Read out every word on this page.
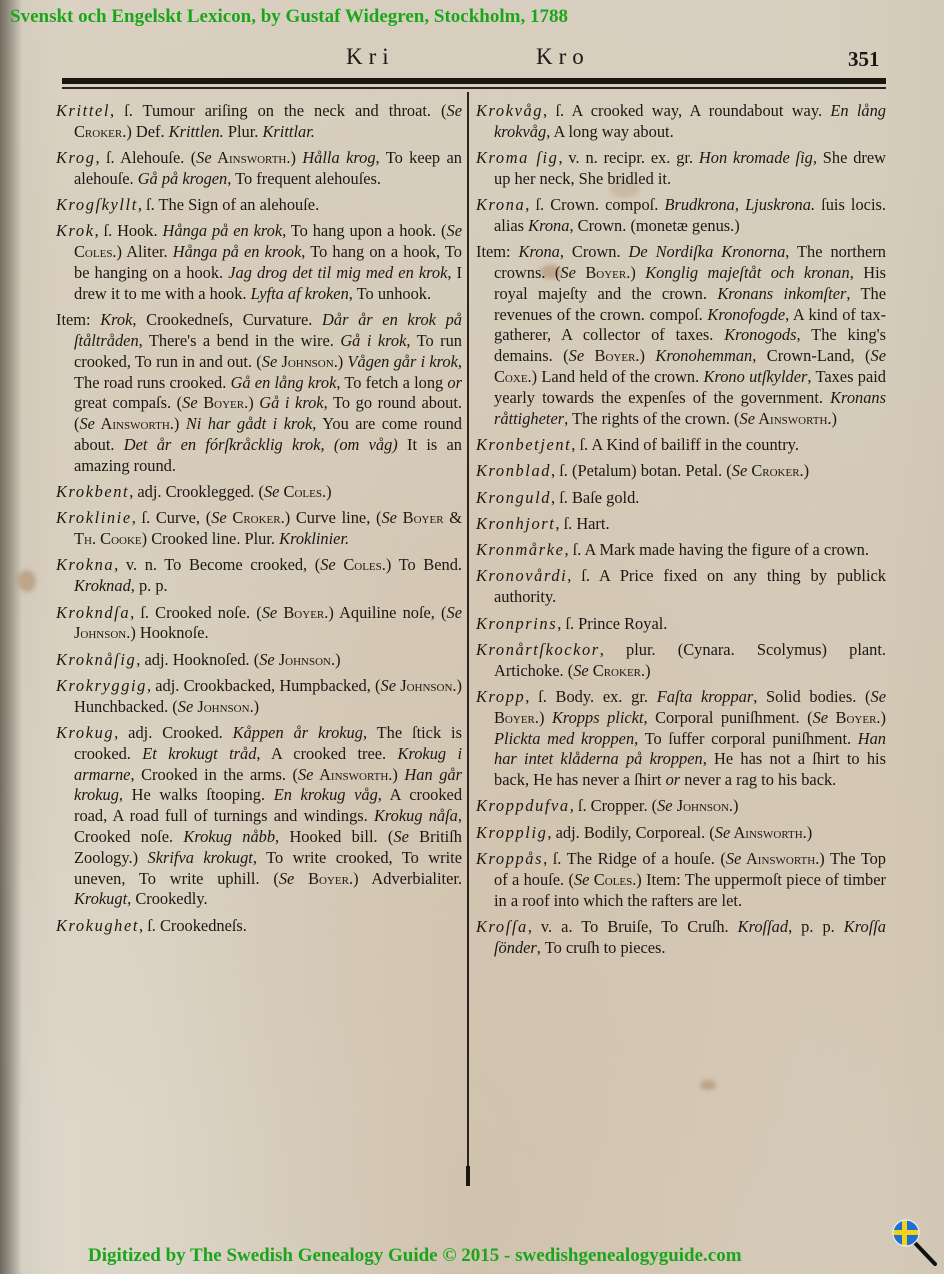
Svenskt och Engelskt Lexicon, by Gustaf Widegren, Stockholm, 1788
Kri	Kro	351
Krittel, ſ. Tumour ariſing on the neck and throat. (Se Croker.) Def. Krittlen. Plur. Krittlar.
Krog, ſ. Alehouſe. (Se Ainsworth.) Hålla krog, To keep an alehouſe. Gå på krogen, To frequent alehouſes.
Krogſkyllt, ſ. The Sign of an alehouſe.
Krok, ſ. Hook. Hånga på en krok, To hang upon a hook. (Se Coles.) Aliter. Hånga på en krook, To hang on a hook, To be hanging on a hook. Jag drog det til mig med en krok, I drew it to me with a hook. Lyfta af kroken, To unhook.
Item: Krok, Crookedneſs, Curvature. Dår år en krok på ſtåltråden, There's a bend in the wire. Gå i krok, To run crooked, To run in and out. (Se Johnson.) Vågen går i krok, The road runs crooked. Gå en lång krok, To fetch a long or great compaſs. (Se Boyer.) Gå i krok, To go round about. (Se Ainsworth.) Ni har gådt i krok, You are come round about. Det år en fórſkråcklig krok, (om våg) It is an amazing round.
Krokbent, adj. Crooklegged. (Se Coles.)
Kroklinie, ſ. Curve, (Se Croker.) Curve line, (Se Boyer & Th. Cooke) Crooked line. Plur. Kroklinier.
Krokna, v. n. To Become crooked, (Se Coles.) To Bend. Kroknad, p. p.
Krokndſa, ſ. Crooked noſe. (Se Boyer.) Aquiline noſe, (Se Johnson.) Hooknoſe.
Kroknåſig, adj. Hooknoſed. (Se Johnson.)
Krokryggig, adj. Crookbacked, Humpbacked, (Se Johnson.) Hunchbacked. (Se Johnson.)
Krokug, adj. Crooked. Kåppen år krokug, The ſtick is crooked. Et krokugt tråd, A crooked tree. Krokug i armarne, Crooked in the arms. (Se Ainsworth.) Han går krokug, He walks ſtooping. En krokug våg, A crooked road, A road full of turnings and windings. Krokug nåſa, Crooked noſe. Krokug nåbb, Hooked bill. (Se Britiſh Zoology.) Skrifva krokugt, To write crooked, To write uneven, To write uphill. (Se Boyer.) Adverbialiter. Krokugt, Crookedly.
Krokughet, ſ. Crookedneſs.
Krokvåg, ſ. A crooked way, A roundabout way. En lång krokvåg, A long way about.
Kroma ſig, v. n. recipr. ex. gr. Hon kromade ſig, She drew up her neck, She bridled it.
Krona, ſ. Crown. compoſ. Brudkrona, Ljuskrona. ſuis locis. alias Krona, Crown. (monetæ genus.)
Item: Krona, Crown. De Nordiſka Kronorna, The northern crowns. (Se Boyer.) Konglig majeſtåt och kronan, His royal majeſty and the crown. Kronans inkomſter, The revenues of the crown. compoſ. Kronofogde, A kind of tax-gatherer, A collector of taxes. Kronogods, The king's demains. (Se Boyer.) Kronohemman, Crown-Land, (Se Coxe.) Land held of the crown. Krono utſkylder, Taxes paid yearly towards the expenſes of the government. Kronans råttigheter, The rights of the crown. (Se Ainsworth.)
Kronbetjent, ſ. A Kind of bailiff in the country.
Kronblad, ſ. (Petalum) botan. Petal. (Se Croker.)
Kronguld, ſ. Baſe gold.
Kronhjort, ſ. Hart.
Kronmårke, ſ. A Mark made having the figure of a crown.
Kronovårdi, ſ. A Price fixed on any thing by publick authority.
Kronprins, ſ. Prince Royal.
Kronårtſkockor, plur. (Cynara. Scolymus) plant. Artichoke. (Se Croker.)
Kropp, ſ. Body. ex. gr. Faſta kroppar, Solid bodies. (Se Boyer.) Kropps plickt, Corporal puniſhment. (Se Boyer.) Plickta med kroppen, To ſuffer corporal puniſhment. Han har intet klåderna på kroppen, He has not a ſhirt to his back, He has never a ſhirt or never a rag to his back.
Kroppdufva, ſ. Cropper. (Se Johnson.)
Kropplig, adj. Bodily, Corporeal. (Se Ainsworth.)
Kroppås, ſ. The Ridge of a houſe. (Se Ainsworth.) The Top of a houſe. (Se Coles.) Item: The uppermoſt piece of timber in a roof into which the rafters are let.
Kroſſa, v. a. To Bruiſe, To Cruſh. Kroſſad, p. p. Kroſſa ſönder, To cruſh to pieces.
Digitized by The Swedish Genealogy Guide © 2015 - swedishgenealogyguide.com
